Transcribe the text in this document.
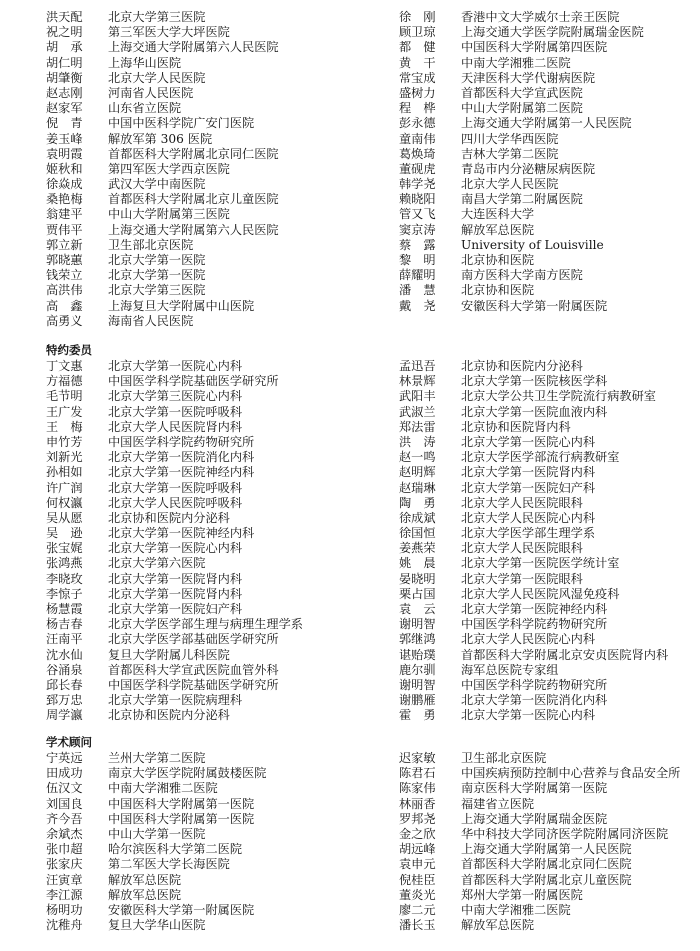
洪天配	北京大学第三医院
祝之明	第三军医大学大坪医院
胡　承	上海交通大学附属第六人民医院
胡仁明	上海华山医院
胡肇衡	北京大学人民医院
赵志刚	河南省人民医院
赵家军	山东省立医院
倪　青	中国中医科学院广安门医院
姜玉峰	解放军第 306 医院
袁明霞	首都医科大学附属北京同仁医院
姬秋和	第四军医大学西京医院
徐焱成	武汉大学中南医院
桑艳梅	首都医科大学附属北京儿童医院
翁建平	中山大学附属第三医院
贾伟平	上海交通大学附属第六人民医院
郭立新	卫生部北京医院
郭晓蕙	北京大学第一医院
钱荣立	北京大学第一医院
高洪伟	北京大学第三医院
高　鑫	上海复旦大学附属中山医院
高勇义	海南省人民医院
徐　刚	香港中文大学威尔士亲王医院
顾卫琼	上海交通大学医学院附属瑞金医院
都　健	中国医科大学附属第四医院
黄　干	中南大学湘雅二医院
常宝成	天津医科大学代谢病医院
盛树力	首都医科大学宣武医院
程　桦	中山大学附属第二医院
彭永德	上海交通大学附属第一人民医院
童南伟	四川大学华西医院
葛焕琦	吉林大学第二医院
董砚虎	青岛市内分泌糖尿病医院
韩学尧	北京大学人民医院
赖晓阳	南昌大学第二附属医院
管又飞	大连医科大学
窦京涛	解放军总医院
蔡　露	University of Louisville
黎　明	北京协和医院
薛耀明	南方医科大学南方医院
潘　慧	北京协和医院
戴　尧	安徽医科大学第一附属医院
特约委员
丁文惠	北京大学第一医院心内科
方福德	中国医学科学院基础医学研究所
毛节明	北京大学第三医院心内科
王广发	北京大学第一医院呼吸科
王　梅	北京大学人民医院肾内科
申竹芳	中国医学科学院药物研究所
刘新光	北京大学第一医院消化内科
孙相如	北京大学第一医院神经内科
许广润	北京大学第一医院呼吸科
何权瀛	北京大学人民医院呼吸科
吴从愿	北京协和医院内分泌科
吴　逊	北京大学第一医院神经内科
张宝娓	北京大学第一医院心内科
张鸿燕	北京大学第六医院
李晓玫	北京大学第一医院肾内科
李惊子	北京大学第一医院肾内科
杨慧霞	北京大学第一医院妇产科
杨吉春	北京大学医学部生理与病理生理学系
汪南平	北京大学医学部基础医学研究所
沈水仙	复旦大学附属儿科医院
谷涌泉	首都医科大学宣武医院血管外科
邱长春	中国医学科学院基础医学研究所
郅万忠	北京大学第一医院病理科
周学瀛	北京协和医院内分泌科
孟迅吾	北京协和医院内分泌科
林景辉	北京大学第一医院核医学科
武阳丰	北京大学公共卫生学院流行病教研室
武淑兰	北京大学第一医院血液内科
郑法雷	北京协和医院肾内科
洪　涛	北京大学第一医院心内科
赵一鸣	北京大学医学部流行病教研室
赵明辉	北京大学第一医院肾内科
赵瑞琳	北京大学第一医院妇产科
陶　勇	北京大学人民医院眼科
徐成斌	北京大学人民医院心内科
徐国恒	北京大学医学部生理学系
姜燕荣	北京大学人民医院眼科
姚　晨	北京大学第一医院医学统计室
晏晓明	北京大学第一医院眼科
栗占国	北京大学人民医院风湿免疫科
袁　云	北京大学第一医院神经内科
谢明智	中国医学科学院药物研究所
郭继鸿	北京大学人民医院心内科
谌贻璞	首都医科大学附属北京安贞医院肾内科
鹿尔驯	海军总医院专家组
谢明智	中国医学科学院药物研究所
谢鹏雁	北京大学第一医院消化内科
霍　勇	北京大学第一医院心内科
学术顾问
宁英远	兰州大学第二医院
田成功	南京大学医学院附属鼓楼医院
伍汉文	中南大学湘雅二医院
刘国良	中国医科大学附属第一医院
齐今吾	中国医科大学附属第一医院
余斌杰	中山大学第一医院
张巾超	哈尔滨医科大学第二医院
张家庆	第二军医大学长海医院
汪寅章	解放军总医院
李江源	解放军总医院
杨明功	安徽医科大学第一附属医院
沈稚舟	复旦大学华山医院
迟家敏	卫生部北京医院
陈君石	中国疾病预防控制中心营养与食品安全所
陈家伟	南京医科大学附属第一医院
林丽香	福建省立医院
罗邦尧	上海交通大学附属瑞金医院
金之欣	华中科技大学同济医学院附属同济医院
胡远峰	上海交通大学附属第一人民医院
袁申元	首都医科大学附属北京同仁医院
倪桂臣	首都医科大学附属北京儿童医院
董炎光	郑州大学第一附属医院
廖二元	中南大学湘雅二医院
潘长玉	解放军总医院
